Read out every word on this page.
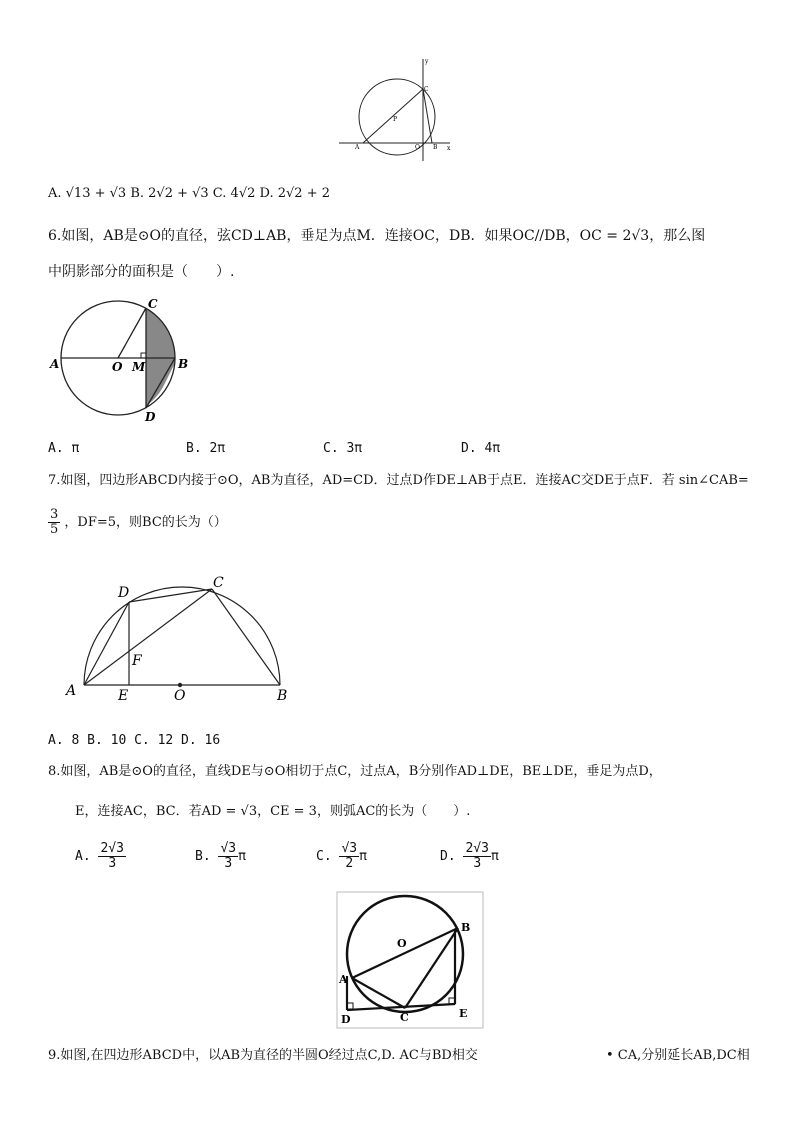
y
C
P
A	O B x
A. √13 + √3 B. 2√2 + √3 C. 4√2 D. 2√2 + 2
6.如图，AB是⊙O的直径，弦CD⊥AB，垂足为点M．连接OC，DB．如果OC//DB，OC = 2√3，那么图
中阴影部分的面积是（　　）.
A	O M	B
C
D
A. π	B. 2π	C. 3π	D. 4π
7.如图，四边形ABCD内接于⊙O，AB为直径，AD=CD．过点D作DE⊥AB于点E．连接AC交DE于点F．若 sin∠CAB=
$\frac{3}{5}$ ，DF=5，则BC的长为（）
D
C
F
A	E	O	B
A. 8 B. 10 C. 12 D. 16
8.如图，AB是⊙O的直径，直线DE与⊙O相切于点C，过点A，B分别作AD⊥DE，BE⊥DE，垂足为点D，
E，连接AC，BC．若AD = √3，CE = 3，则弧AC的长为（　　）.
A. $\frac{2√3}{3}$	B. $\frac{√3}{3}$ π	C. $\frac{√3}{2}$ π	D. $\frac{2√3}{3}$ π
O
B
A
D	C	E
9.如图,在四边形ABCD中，以AB为直径的半圆O经过点C,D. AC与BD相交	• CA,分别延长AB,DC相
